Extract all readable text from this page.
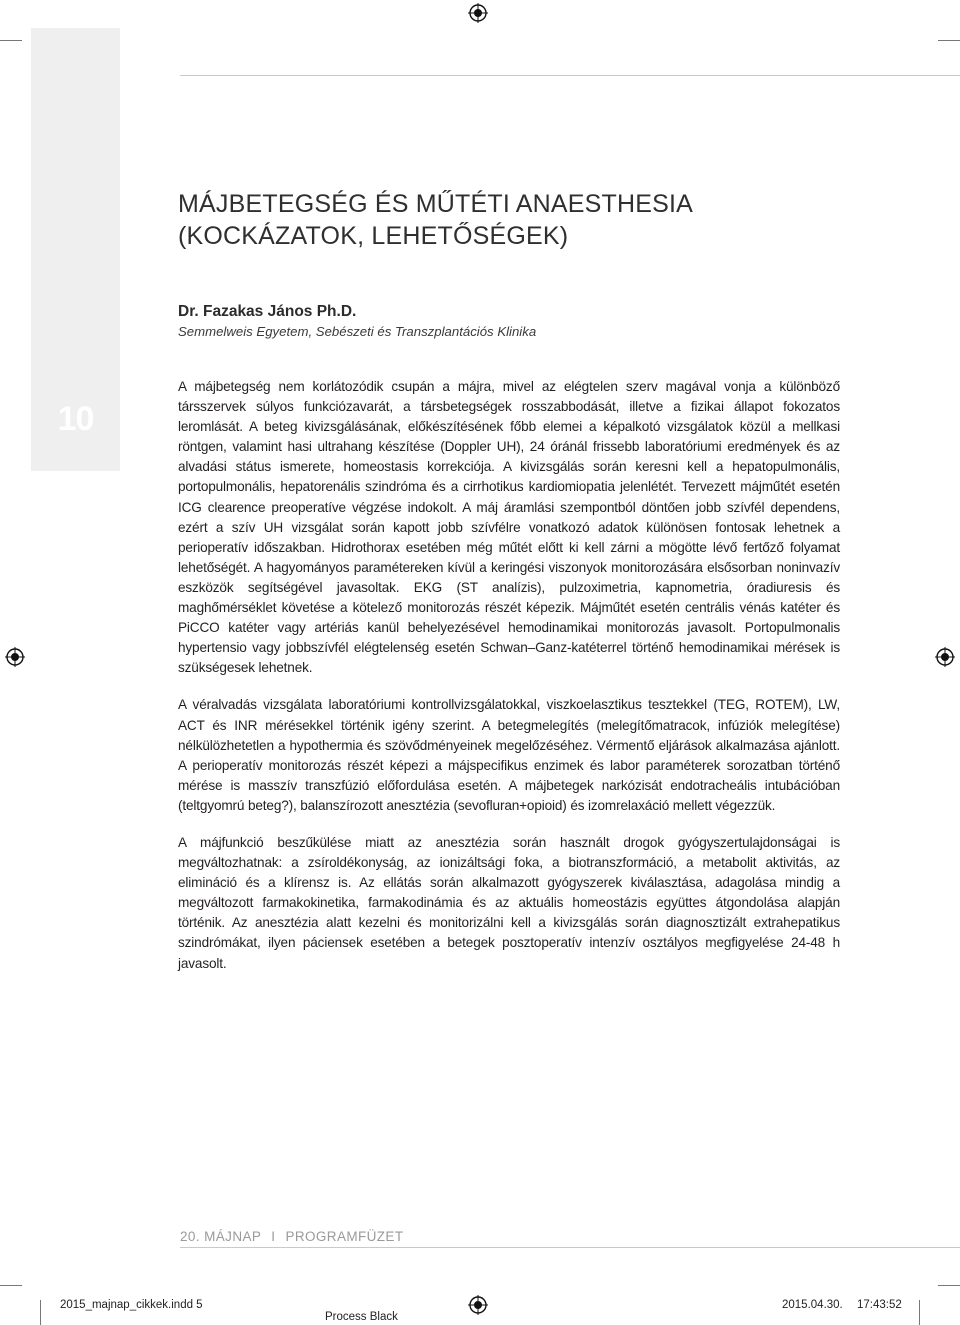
10
MÁJBETEGSÉG ÉS MŰTÉTI ANAESTHESIA
(KOCKÁZATOK, LEHETŐSÉGEK)
Dr. Fazakas János Ph.D.
Semmelweis Egyetem, Sebészeti és Transzplantációs Klinika

A májbetegség nem korlátozódik csupán a májra, mivel az elégtelen szerv magával vonja a különböző társszervek súlyos funkciózavarát, a társbetegségek rosszabbodását, illetve a fizikai állapot fokozatos leromlását. A beteg kivizsgálásának, előkészítésének főbb elemei a képalkotó vizsgálatok közül a mellkasi röntgen, valamint hasi ultrahang készítése (Doppler UH), 24 óránál frissebb laboratóriumi eredmények és az alvadási státus ismerete, homeostasis korrekciója. A kivizsgálás során keresni kell a hepatopulmonális, portopulmonális, hepatorenális szindróma és a cirrhotikus kardiomiopatia jelenlétét. Tervezett májműtét esetén ICG clearence preoperatíve végzése indokolt. A máj áramlási szempontból döntően jobb szívfél dependens, ezért a szív UH vizsgálat során kapott jobb szívfélre vonatkozó adatok különösen fontosak lehetnek a perioperatív időszakban. Hidrothorax esetében még műtét előtt ki kell zárni a mögötte lévő fertőző folyamat lehetőségét. A hagyományos paramétereken kívül a keringési viszonyok monitorozására elsősorban noninvazív eszközök segítségével javasoltak. EKG (ST analízis), pulzoximetria, kapnometria, óradiuresis és maghőmérséklet követése a kötelező monitorozás részét képezik. Májműtét esetén centrális vénás katéter és PiCCO katéter vagy artériás kanül behelyezésével hemodinamikai monitorozás javasolt. Portopulmonalis hypertensio vagy jobbszívfél elégtelenség esetén Schwan–Ganz-katéterrel történő hemodinamikai mérések is szükségesek lehetnek.

A véralvadás vizsgálata laboratóriumi kontrollvizsgálatokkal, viszkoelasztikus tesztekkel (TEG, ROTEM), LW, ACT és INR mérésekkel történik igény szerint. A betegmelegítés (melegítőmatracok, infúziók melegítése) nélkülözhetetlen a hypothermia és szövődményeinek megelőzéséhez. Vérmentő eljárások alkalmazása ajánlott. A perioperatív monitorozás részét képezi a májspecifikus enzimek és labor paraméterek sorozatban történő mérése is masszív transzfúzió előfordulása esetén. A májbetegek narkózisát endotracheális intubációban (teltgyomrú beteg?), balanszírozott anesztézia (sevofluran+opioid) és izomrelaxáció mellett végezzük.

A májfunkció beszűkülése miatt az anesztézia során használt drogok gyógyszertulajdonságai is megváltozhatnak: a zsíroldékonyság, az ionizáltsági foka, a biotranszformáció, a metabolit aktivitás, az elimináció és a klírensz is. Az ellátás során alkalmazott gyógyszerek kiválasztása, adagolása mindig a megváltozott farmakokinetika, farmakodinámia és az aktuális homeostázis együttes átgondolása alapján történik. Az anesztézia alatt kezelni és monitorizálni kell a kivizsgálás során diagnosztizált extrahepatikus szindrómákat, ilyen páciensek esetében a betegek posztoperatív intenzív osztályos megfigyelése 24-48 h javasolt.

20. MÁJNAP I PROGRAMFÜZET
2015_majnap_cikkek.indd 5
Process Black
2015.04.30. 17:43:52
